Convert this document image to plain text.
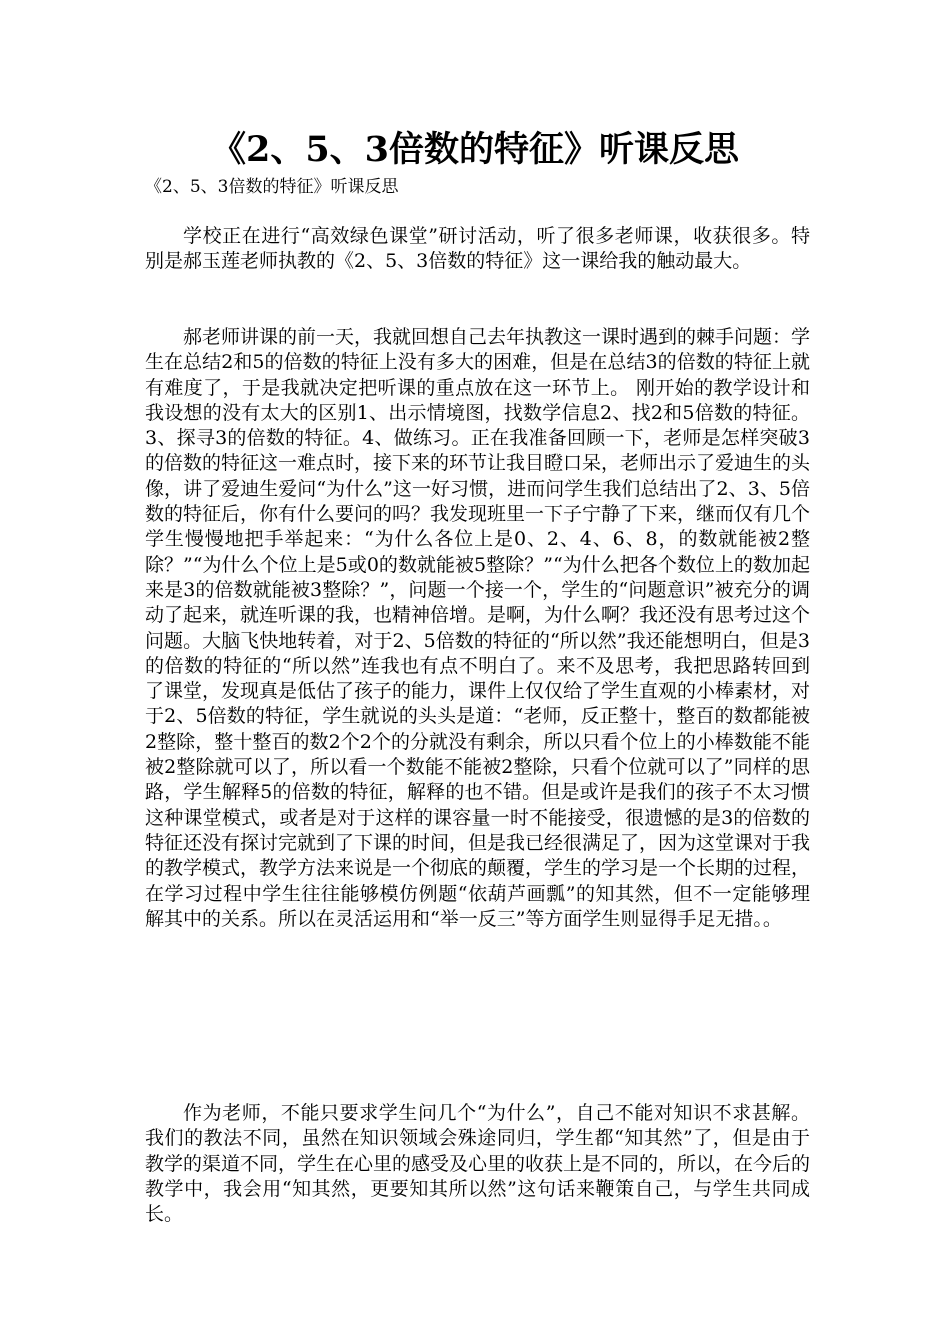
《2、5、3倍数的特征》听课反思
《2、5、3倍数的特征》听课反思

学校正在进行“高效绿色课堂”研讨活动，听了很多老师课，收获很多。特别是郝玉莲老师执教的《2、5、3倍数的特征》这一课给我的触动最大。

郝老师讲课的前一天，我就回想自己去年执教这一课时遇到的棘手问题：学生在总结2和5的倍数的特征上没有多大的困难，但是在总结3的倍数的特征上就有难度了，于是我就决定把听课的重点放在这一环节上。 刚开始的教学设计和我设想的没有太大的区别1、出示情境图，找数学信息2、找2和5倍数的特征。3、探寻3的倍数的特征。4、做练习。正在我准备回顾一下，老师是怎样突破3的倍数的特征这一难点时，接下来的环节让我目瞪口呆，老师出示了爱迪生的头像，讲了爱迪生爱问“为什么”这一好习惯，进而问学生我们总结出了2、3、5倍数的特征后，你有什么要问的吗？我发现班里一下子宁静了下来，继而仅有几个学生慢慢地把手举起来：“为什么各位上是0、2、4、6、8，的数就能被2整除？”“为什么个位上是5或0的数就能被5整除？”“为什么把各个数位上的数加起来是3的倍数就能被3整除？”，问题一个接一个，学生的“问题意识”被充分的调动了起来，就连听课的我，也精神倍增。是啊，为什么啊？我还没有思考过这个问题。大脑飞快地转着，对于2、5倍数的特征的“所以然”我还能想明白，但是3的倍数的特征的“所以然”连我也有点不明白了。来不及思考，我把思路转回到了课堂，发现真是低估了孩子的能力，课件上仅仅给了学生直观的小棒素材，对于2、5倍数的特征，学生就说的头头是道：“老师，反正整十，整百的数都能被2整除，整十整百的数2个2个的分就没有剩余，所以只看个位上的小棒数能不能被2整除就可以了，所以看一个数能不能被2整除，只看个位就可以了”同样的思路，学生解释5的倍数的特征，解释的也不错。但是或许是我们的孩子不太习惯这种课堂模式，或者是对于这样的课容量一时不能接受，很遗憾的是3的倍数的特征还没有探讨完就到了下课的时间，但是我已经很满足了，因为这堂课对于我的教学模式，教学方法来说是一个彻底的颠覆，学生的学习是一个长期的过程，在学习过程中学生往往能够模仿例题“依葫芦画瓢”的知其然，但不一定能够理解其中的关系。所以在灵活运用和“举一反三”等方面学生则显得手足无措。。

作为老师，不能只要求学生问几个“为什么”，自己不能对知识不求甚解。我们的教法不同，虽然在知识领域会殊途同归，学生都“知其然”了，但是由于教学的渠道不同，学生在心里的感受及心里的收获上是不同的，所以，在今后的教学中，我会用“知其然，更要知其所以然”这句话来鞭策自己，与学生共同成长。
